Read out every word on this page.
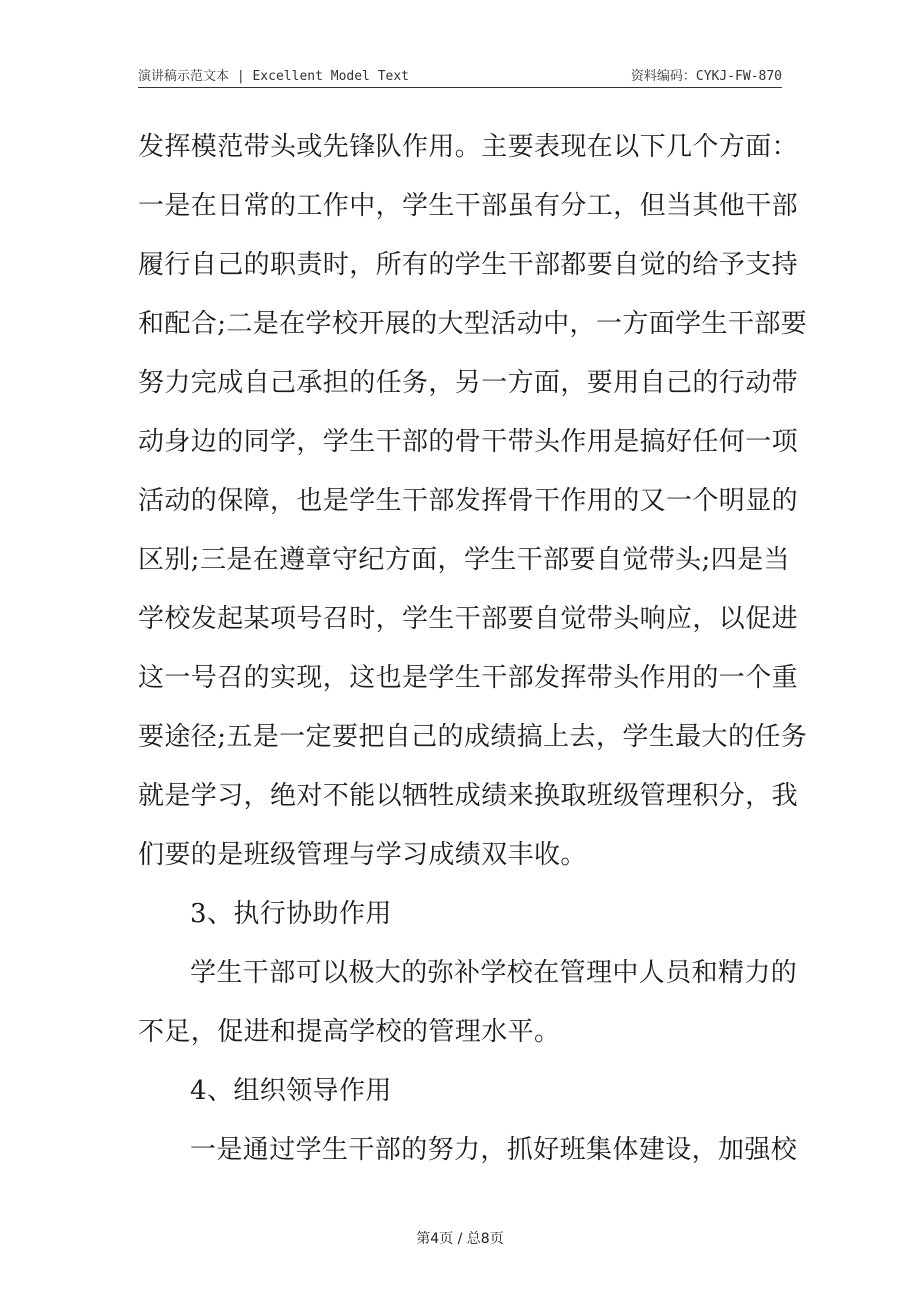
演讲稿示范文本 | Excellent Model Text	资料编码：CYKJ-FW-870
发挥模范带头或先锋队作用。主要表现在以下几个方面：
一是在日常的工作中，学生干部虽有分工，但当其他干部
履行自己的职责时，所有的学生干部都要自觉的给予支持
和配合;二是在学校开展的大型活动中，一方面学生干部要
努力完成自己承担的任务，另一方面，要用自己的行动带
动身边的同学，学生干部的骨干带头作用是搞好任何一项
活动的保障，也是学生干部发挥骨干作用的又一个明显的
区别;三是在遵章守纪方面，学生干部要自觉带头;四是当
学校发起某项号召时，学生干部要自觉带头响应，以促进
这一号召的实现，这也是学生干部发挥带头作用的一个重
要途径;五是一定要把自己的成绩搞上去，学生最大的任务
就是学习，绝对不能以牺牲成绩来换取班级管理积分，我
们要的是班级管理与学习成绩双丰收。
3、执行协助作用
学生干部可以极大的弥补学校在管理中人员和精力的
不足，促进和提高学校的管理水平。
4、组织领导作用
一是通过学生干部的努力，抓好班集体建设，加强校
第4页 / 总8页
